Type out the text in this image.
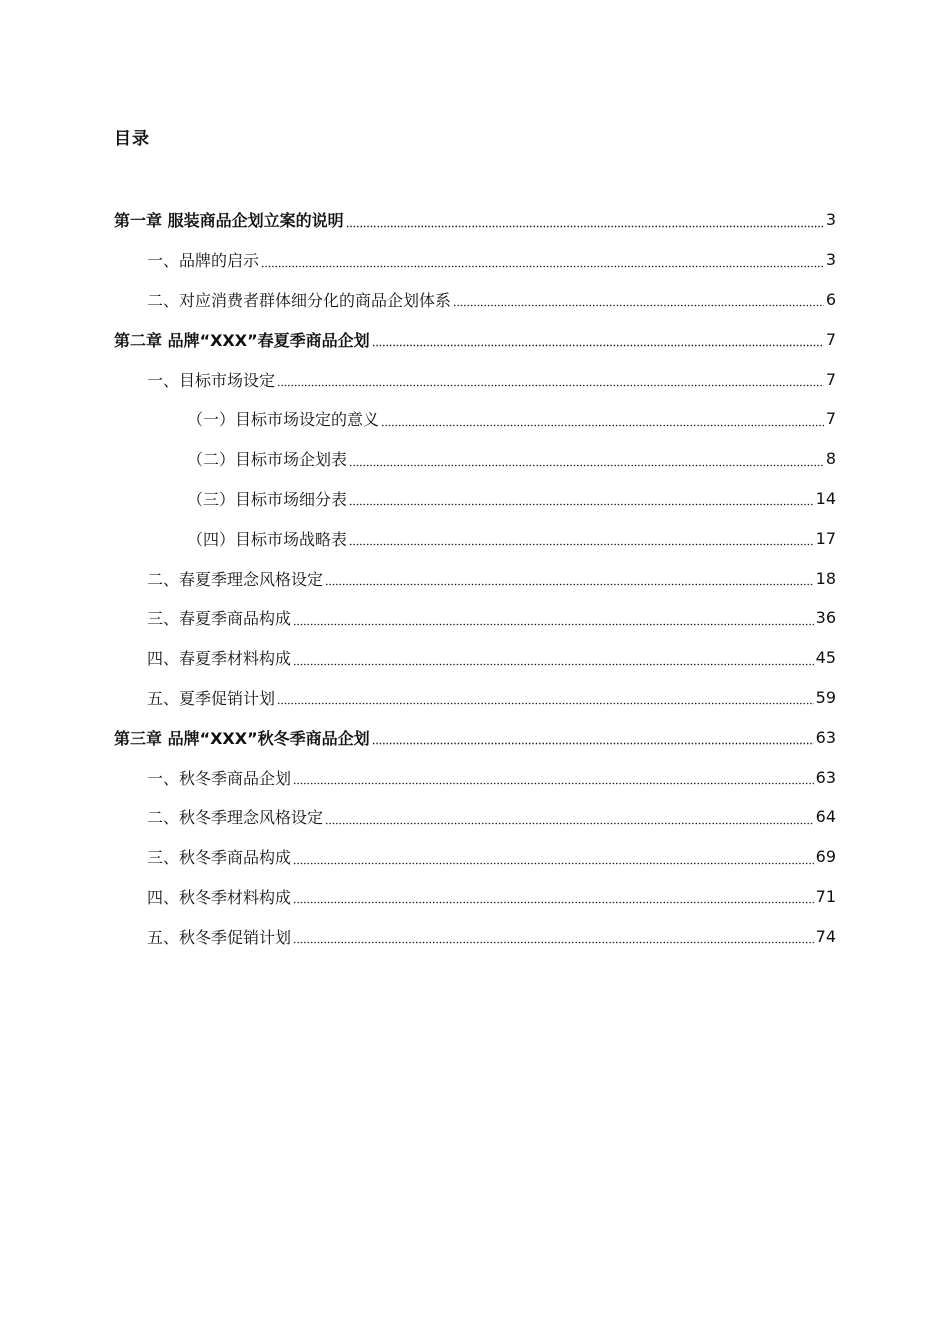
目录
第一章 服装商品企划立案的说明	3
一、品牌的启示	3
二、对应消费者群体细分化的商品企划体系	6
第二章 品牌“XXX”春夏季商品企划	7
一、目标市场设定	7
（一）目标市场设定的意义	7
（二）目标市场企划表	8
（三）目标市场细分表	14
（四）目标市场战略表	17
二、春夏季理念风格设定	18
三、春夏季商品构成	36
四、春夏季材料构成	45
五、夏季促销计划	59
第三章 品牌“XXX”秋冬季商品企划	63
一、秋冬季商品企划	63
二、秋冬季理念风格设定	64
三、秋冬季商品构成	69
四、秋冬季材料构成	71
五、秋冬季促销计划	74
